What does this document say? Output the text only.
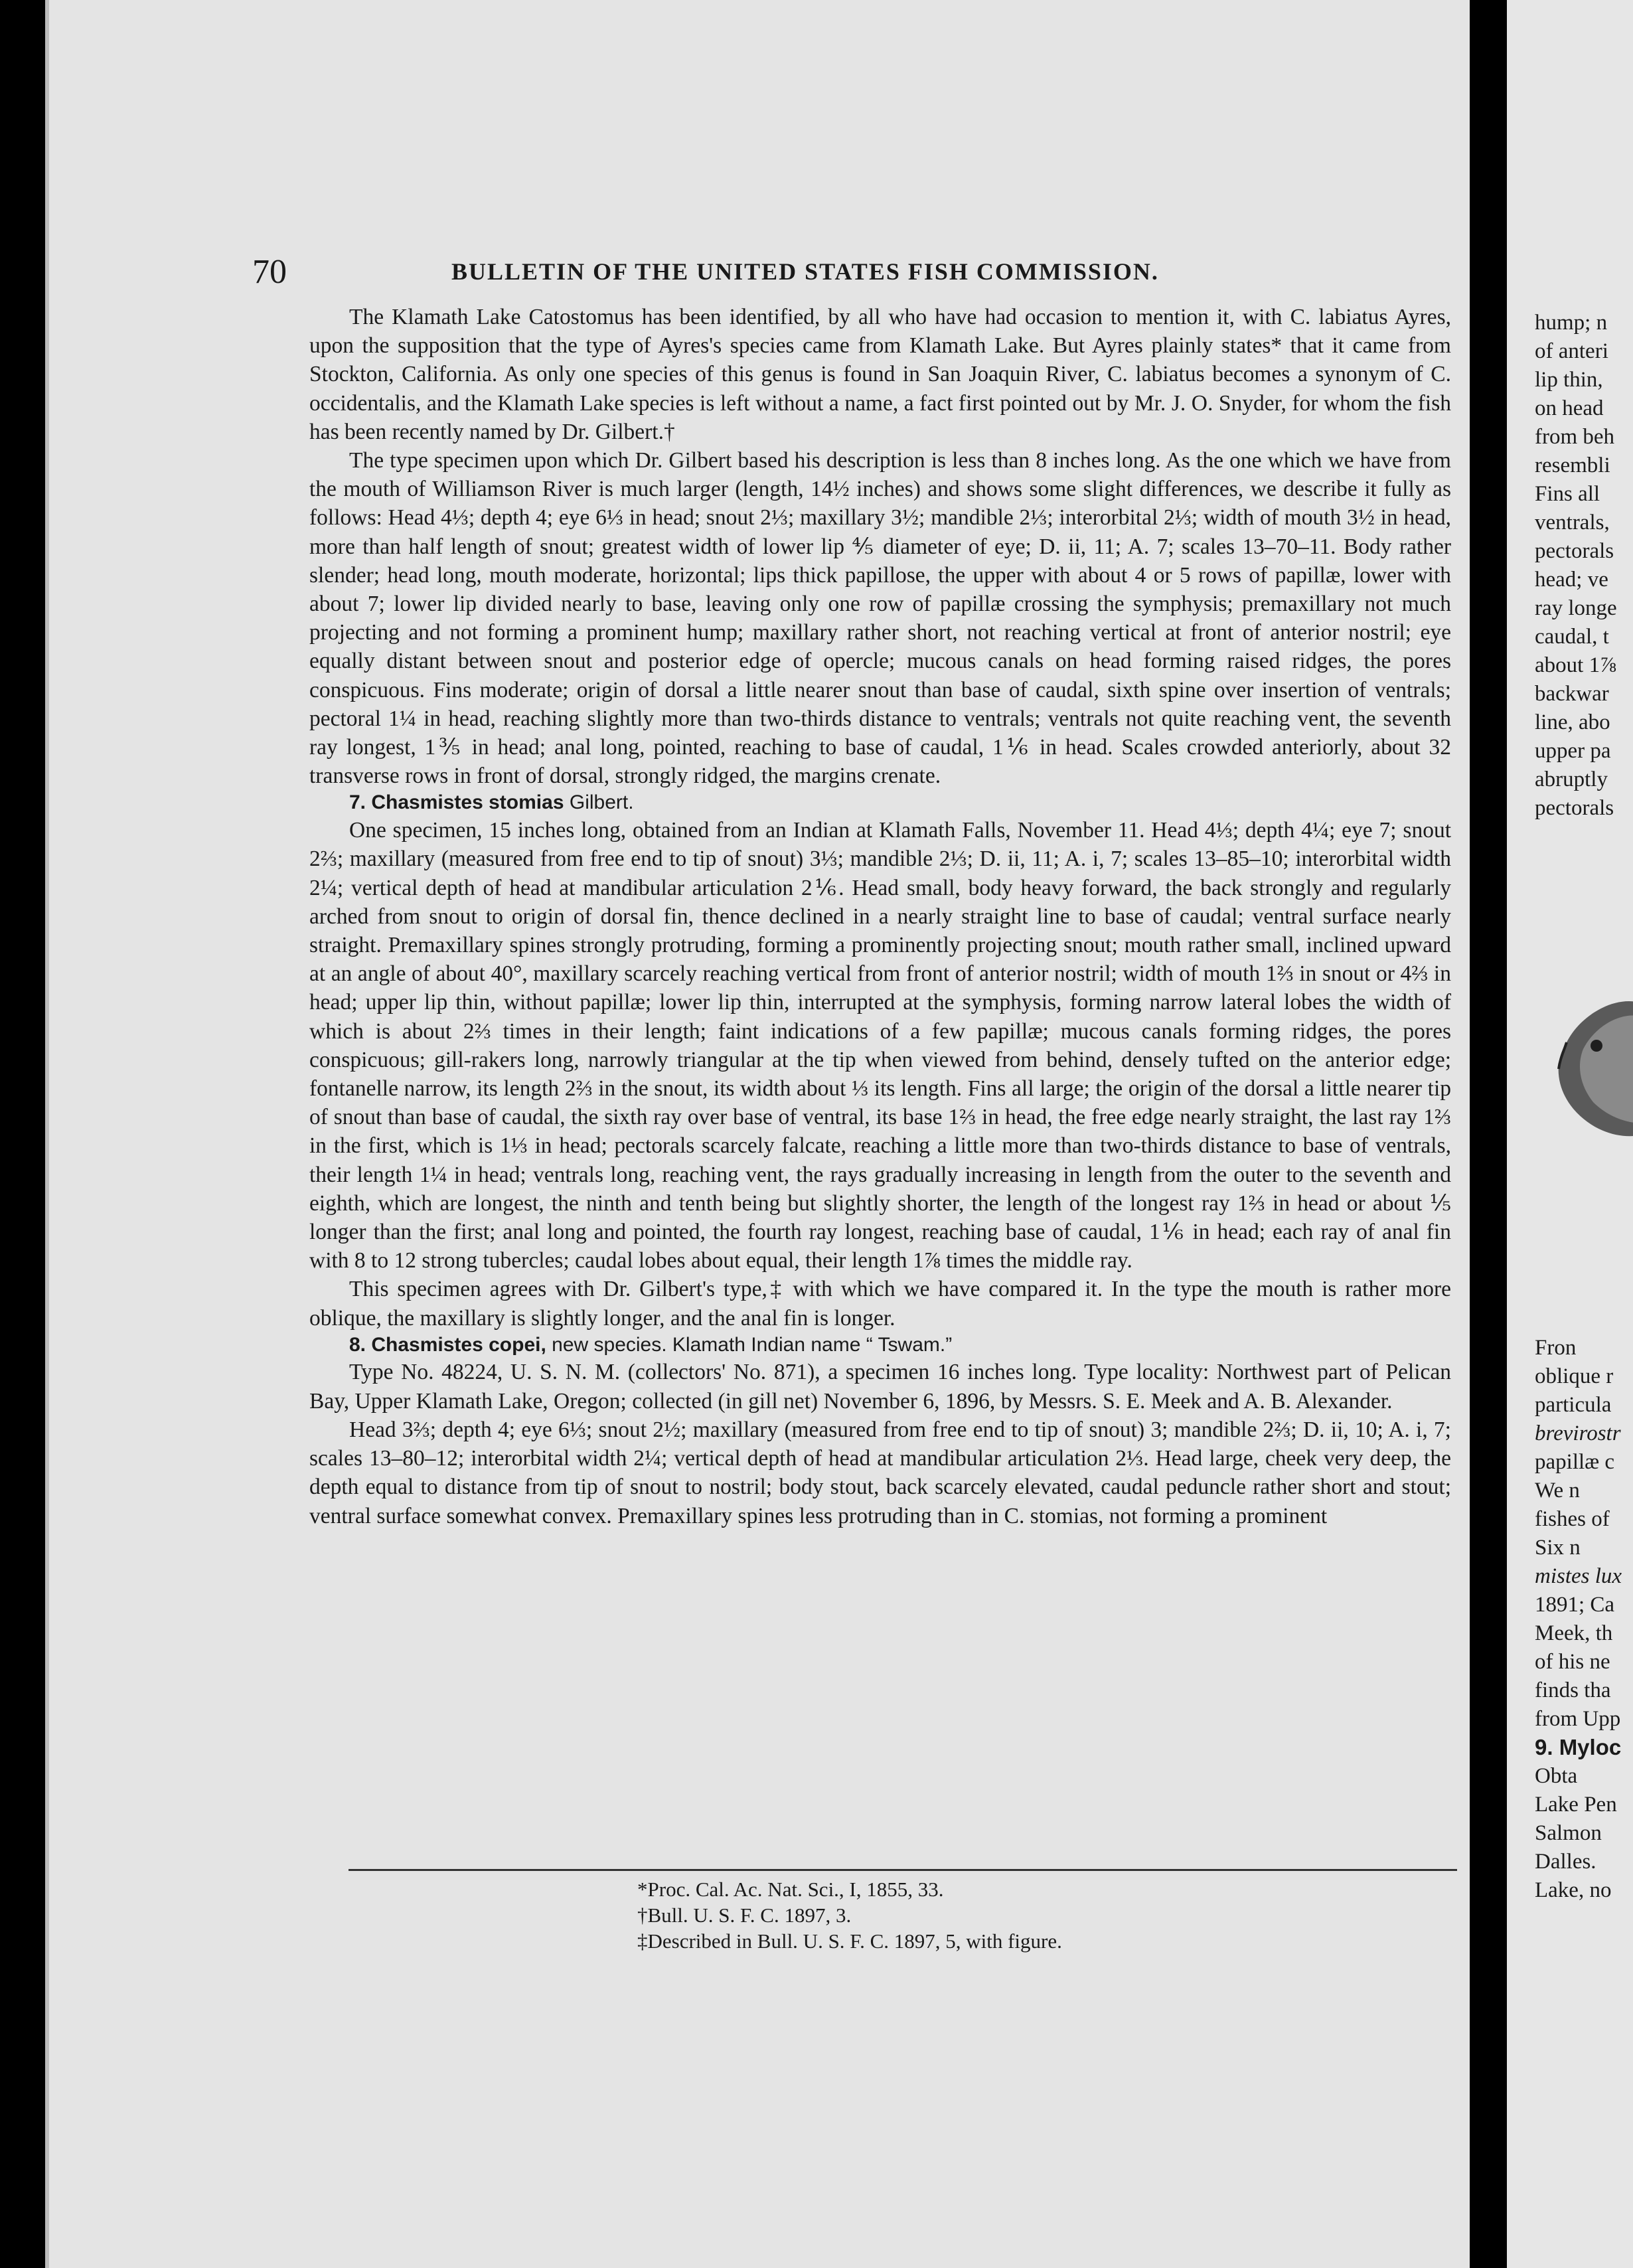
70	BULLETIN OF THE UNITED STATES FISH COMMISSION.

The Klamath Lake Catostomus has been identified, by all who have had occasion to mention it, with C. labiatus Ayres, upon the supposition that the type of Ayres's species came from Klamath Lake. But Ayres plainly states* that it came from Stockton, California. As only one species of this genus is found in San Joaquin River, C. labiatus becomes a synonym of C. occidentalis, and the Klamath Lake species is left without a name, a fact first pointed out by Mr. J. O. Snyder, for whom the fish has been recently named by Dr. Gilbert.†

The type specimen upon which Dr. Gilbert based his description is less than 8 inches long. As the one which we have from the mouth of Williamson River is much larger (length, 14½ inches) and shows some slight differences, we describe it fully as follows: Head 4⅓; depth 4; eye 6⅓ in head; snout 2⅓; maxillary 3½; mandible 2⅓; interorbital 2⅓; width of mouth 3½ in head, more than half length of snout; greatest width of lower lip ⅘ diameter of eye; D. ii, 11; A. 7; scales 13–70–11. Body rather slender; head long, mouth moderate, horizontal; lips thick papillose, the upper with about 4 or 5 rows of papillæ, lower with about 7; lower lip divided nearly to base, leaving only one row of papillæ crossing the symphysis; premaxillary not much projecting and not forming a prominent hump; maxillary rather short, not reaching vertical at front of anterior nostril; eye equally distant between snout and posterior edge of opercle; mucous canals on head forming raised ridges, the pores conspicuous. Fins moderate; origin of dorsal a little nearer snout than base of caudal, sixth spine over insertion of ventrals; pectoral 1¼ in head, reaching slightly more than two-thirds distance to ventrals; ventrals not quite reaching vent, the seventh ray longest, 1⅗ in head; anal long, pointed, reaching to base of caudal, 1⅙ in head. Scales crowded anteriorly, about 32 transverse rows in front of dorsal, strongly ridged, the margins crenate.

7. Chasmistes stomias Gilbert.

One specimen, 15 inches long, obtained from an Indian at Klamath Falls, November 11. Head 4⅓; depth 4¼; eye 7; snout 2⅔; maxillary (measured from free end to tip of snout) 3⅓; mandible 2⅓; D. ii, 11; A. i, 7; scales 13–85–10; interorbital width 2¼; vertical depth of head at mandibular articulation 2⅙. Head small, body heavy forward, the back strongly and regularly arched from snout to origin of dorsal fin, thence declined in a nearly straight line to base of caudal; ventral surface nearly straight. Premaxillary spines strongly protruding, forming a prominently projecting snout; mouth rather small, inclined upward at an angle of about 40°, maxillary scarcely reaching vertical from front of anterior nostril; width of mouth 1⅔ in snout or 4⅔ in head; upper lip thin, without papillæ; lower lip thin, interrupted at the symphysis, forming narrow lateral lobes the width of which is about 2⅔ times in their length; faint indications of a few papillæ; mucous canals forming ridges, the pores conspicuous; gill-rakers long, narrowly triangular at the tip when viewed from behind, densely tufted on the anterior edge; fontanelle narrow, its length 2⅔ in the snout, its width about ⅓ its length. Fins all large; the origin of the dorsal a little nearer tip of snout than base of caudal, the sixth ray over base of ventral, its base 1⅔ in head, the free edge nearly straight, the last ray 1⅔ in the first, which is 1⅓ in head; pectorals scarcely falcate, reaching a little more than two-thirds distance to base of ventrals, their length 1¼ in head; ventrals long, reaching vent, the rays gradually increasing in length from the outer to the seventh and eighth, which are longest, the ninth and tenth being but slightly shorter, the length of the longest ray 1⅔ in head or about ⅕ longer than the first; anal long and pointed, the fourth ray longest, reaching base of caudal, 1⅙ in head; each ray of anal fin with 8 to 12 strong tubercles; caudal lobes about equal, their length 1⅞ times the middle ray.

This specimen agrees with Dr. Gilbert's type,‡ with which we have compared it. In the type the mouth is rather more oblique, the maxillary is slightly longer, and the anal fin is longer.

8. Chasmistes copei, new species. Klamath Indian name “ Tswam.”

Type No. 48224, U. S. N. M. (collectors' No. 871), a specimen 16 inches long. Type locality: Northwest part of Pelican Bay, Upper Klamath Lake, Oregon; collected (in gill net) November 6, 1896, by Messrs. S. E. Meek and A. B. Alexander.

Head 3⅔; depth 4; eye 6⅓; snout 2½; maxillary (measured from free end to tip of snout) 3; mandible 2⅔; D. ii, 10; A. i, 7; scales 13–80–12; interorbital width 2¼; vertical depth of head at mandibular articulation 2⅓. Head large, cheek very deep, the depth equal to distance from tip of snout to nostril; body stout, back scarcely elevated, caudal peduncle rather short and stout; ventral surface somewhat convex. Premaxillary spines less protruding than in C. stomias, not forming a prominent

*Proc. Cal. Ac. Nat. Sci., I, 1855, 33.
†Bull. U. S. F. C. 1897, 3.
‡Described in Bull. U. S. F. C. 1897, 5, with figure.
hump; n
of anteri
lip thin,
on head
from beh
resembli
Fins all
ventrals,
pectorals
head; ve
ray longe
caudal, t
about 1⅞
backwar
line, abo
upper pa
abruptly
pectorals
Fron
oblique r
particula
brevirostr
papillæ c
We n
fishes of
Six n
mistes lux
1891; Ca
Meek, th
of his ne
finds tha
from Upp
9. Myloc
Obta
Lake Pen
Salmon
Dalles.
Lake, no
